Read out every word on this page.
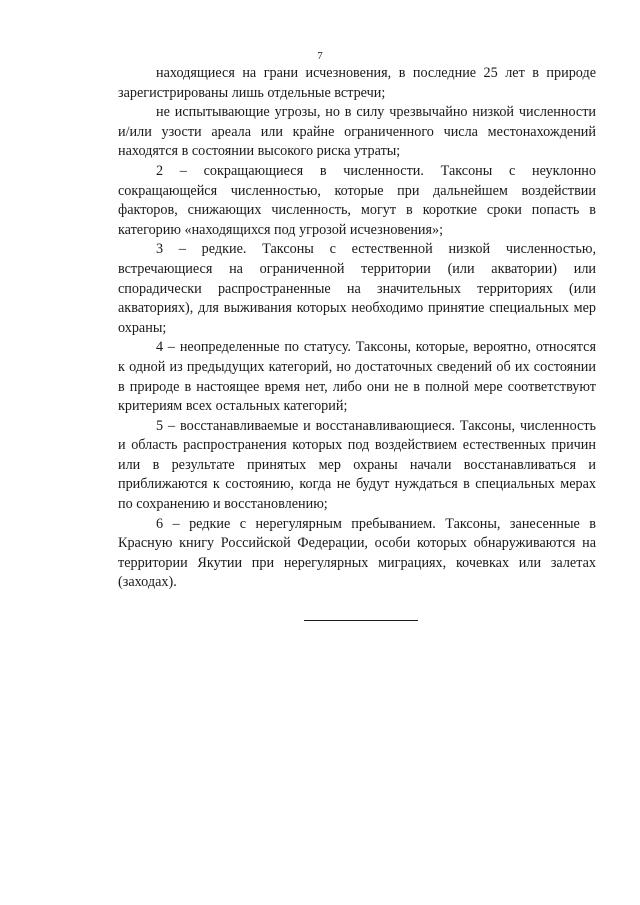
7

находящиеся на грани исчезновения, в последние 25 лет в природе зарегистрированы лишь отдельные встречи;

не испытывающие угрозы, но в силу чрезвычайно низкой численности и/или узости ареала или крайне ограниченного числа местонахождений находятся в состоянии высокого риска утраты;

2 – сокращающиеся в численности. Таксоны с неуклонно сокращающейся численностью, которые при дальнейшем воздействии факторов, снижающих численность, могут в короткие сроки попасть в категорию «находящихся под угрозой исчезновения»;

3 – редкие. Таксоны с естественной низкой численностью, встречающиеся на ограниченной территории (или акватории) или спорадически распространенные на значительных территориях (или акваториях), для выживания которых необходимо принятие специальных мер охраны;

4 – неопределенные по статусу. Таксоны, которые, вероятно, относятся к одной из предыдущих категорий, но достаточных сведений об их состоянии в природе в настоящее время нет, либо они не в полной мере соответствуют критериям всех остальных категорий;

5 – восстанавливаемые и восстанавливающиеся. Таксоны, численность и область распространения которых под воздействием естественных причин или в результате принятых мер охраны начали восстанавливаться и приближаются к состоянию, когда не будут нуждаться в специальных мерах по сохранению и восстановлению;

6 – редкие с нерегулярным пребыванием. Таксоны, занесенные в Красную книгу Российской Федерации, особи которых обнаруживаются на территории Якутии при нерегулярных миграциях, кочевках или залетах (заходах).
